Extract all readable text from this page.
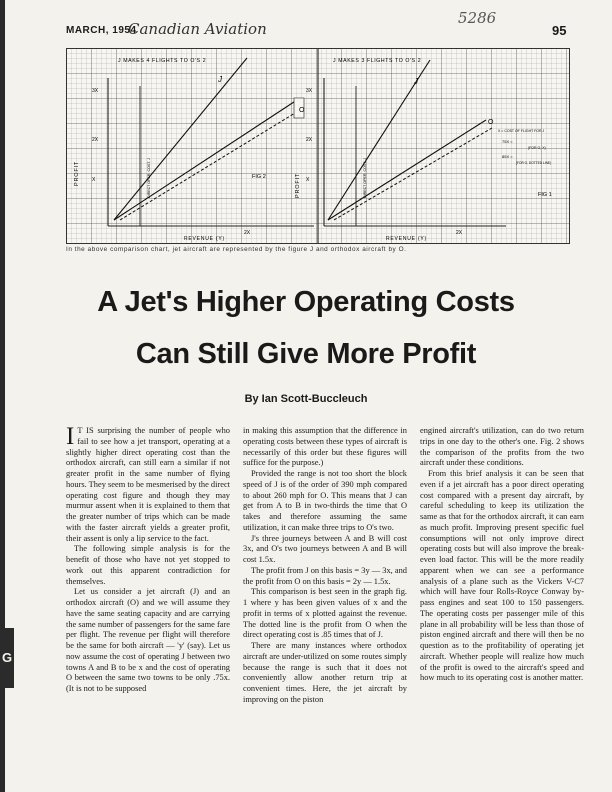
G
MARCH, 1954
Canadian Aviation
5286
95
J
O
J MAKES 4 FLIGHTS TO O'S 2
3X
2X
X
2X
REVENUE (Y)
PROFIT	DIRECT OPER. COST, J	FIG 2
J
O
J MAKES 3 FLIGHTS TO O'S 2
3X
2X
X
2X
REVENUE (Y)
PROFIT	DIRECT OPER. COST, J
X = COST OF FLIGHT FOR J
75X =
(FOR O, X)
85X =
(FOR O, DOTTED LINE)
FIG 1
In the above comparison chart, jet aircraft are represented by the figure J and orthodox aircraft by O.
A Jet's Higher Operating Costs
Can Still Give More Profit
By Ian Scott-Buccleuch

I T IS surprising the number of people who fail to see how a jet transport, operating at a slightly higher direct operating cost than the orthodox aircraft, can still earn a similar if not greater profit in the same number of flying hours. They seem to be mesmerised by the direct operating cost figure and though they may murmur assent when it is explained to them that the greater number of trips which can be made with the faster aircraft yields a greater profit, their assent is only a lip service to the fact.

The following simple analysis is for the benefit of those who have not yet stopped to work out this apparent contradiction for themselves.

Let us consider a jet aircraft (J) and an orthodox aircraft (O) and we will assume they have the same seating capacity and are carrying the same number of passengers for the same fare per flight. The revenue per flight will therefore be the same for both aircraft — 'y' (say). Let us now assume the cost of operating J between two towns A and B to be x and the cost of operating O between the same two towns to be only .75x. (It is not to be supposed

in making this assumption that the difference in operating costs between these types of aircraft is necessarily of this order but these figures will suffice for the purpose.)

Provided the range is not too short the block speed of J is of the order of 390 mph compared to about 260 mph for O. This means that J can get from A to B in two-thirds the time that O takes and therefore assuming the same utilization, it can make three trips to O's two.

J's three journeys between A and B will cost 3x, and O's two journeys between A and B will cost 1.5x.

The profit from J on this basis = 3y — 3x, and the profit from O on this basis = 2y — 1.5x.

This comparison is best seen in the graph fig. 1 where y has been given values of x and the profit in terms of x plotted against the revenue. The dotted line is the profit from O when the direct operating cost is .85 times that of J.

There are many instances where orthodox aircraft are under-utilized on some routes simply because the range is such that it does not conveniently allow another return trip at convenient times. Here, the jet aircraft by improving on the piston

engined aircraft's utilization, can do two return trips in one day to the other's one. Fig. 2 shows the comparison of the profits from the two aircraft under these conditions.

From this brief analysis it can be seen that even if a jet aircraft has a poor direct operating cost compared with a present day aircraft, by careful scheduling to keep its utilization the same as that for the orthodox aircraft, it can earn as much profit. Improving present specific fuel consumptions will not only improve direct operating costs but will also improve the break-even load factor. This will be the more readily apparent when we can see a performance analysis of a plane such as the Vickers V-C7 which will have four Rolls-Royce Conway by-pass engines and seat 100 to 150 passengers. The operating costs per passenger mile of this plane in all probability will be less than those of piston engined aircraft and there will then be no question as to the profitability of operating jet aircraft. Whether people will realize how much of the profit is owed to the aircraft's speed and how much to its operating cost is another matter.
